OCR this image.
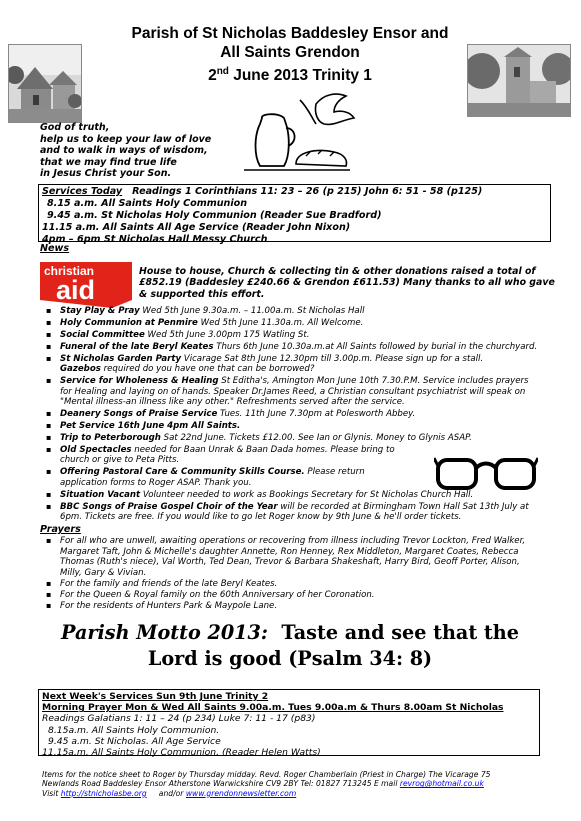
Parish of St Nicholas Baddesley Ensor and
All Saints Grendon
2nd June 2013 Trinity 1
God of truth,
help us to keep your law of love
and to walk in ways of wisdom,
that we may find true life
in Jesus Christ your Son.
Services Today Readings 1 Corinthians 11: 23 – 26 (p 215) John 6: 51 - 58 (p125)
8.15 a.m. All Saints Holy Communion
9.45 a.m. St Nicholas Holy Communion (Reader Sue Bradford)
11.15 a.m. All Saints All Age Service (Reader John Nixon)
4pm – 6pm St Nicholas Hall Messy Church
News
christian
aid
House to house, Church & collecting tin & other donations raised a total of £852.19 (Baddesley £240.66 & Grendon £611.53) Many thanks to all who gave & supported this effort.
▪ Stay Play & Pray Wed 5th June 9.30a.m. – 11.00a.m. St Nicholas Hall
▪ Holy Communion at Penmire Wed 5th June 11.30a.m. All Welcome.
▪ Social Committee Wed 5th June 3.00pm 175 Watling St.
▪ Funeral of the late Beryl Keates Thurs 6th June 10.30a.m.at All Saints followed by burial in the churchyard.
▪ St Nicholas Garden Party Vicarage Sat 8th June 12.30pm till 3.00p.m. Please sign up for a stall.
Gazebos required do you have one that can be borrowed?
▪ Service for Wholeness & Healing St Editha's, Amington Mon June 10th 7.30.P.M. Service includes prayers for Healing and laying on of hands. Speaker Dr.James Reed, a Christian consultant psychiatrist will speak on "Mental illness-an illness like any other." Refreshments served after the service.
▪ Deanery Songs of Praise Service Tues. 11th June 7.30pm at Polesworth Abbey.
▪ Pet Service 16th June 4pm All Saints.
▪ Trip to Peterborough Sat 22nd June. Tickets £12.00. See Ian or Glynis. Money to Glynis ASAP.
▪ Old Spectacles needed for Baan Unrak & Baan Dada homes. Please bring to church or give to Peta Pitts.
▪ Offering Pastoral Care & Community Skills Course. Please return application forms to Roger ASAP. Thank you.
▪ Situation Vacant Volunteer needed to work as Bookings Secretary for St Nicholas Church Hall.
▪ BBC Songs of Praise Gospel Choir of the Year will be recorded at Birmingham Town Hall Sat 13th July at 6pm. Tickets are free. If you would like to go let Roger know by 9th June & he'll order tickets.
Prayers
▪ For all who are unwell, awaiting operations or recovering from illness including Trevor Lockton, Fred Walker, Margaret Taft, John & Michelle's daughter Annette, Ron Henney, Rex Middleton, Margaret Coates, Rebecca Thomas (Ruth's niece), Val Worth, Ted Dean, Trevor & Barbara Shakeshaft, Harry Bird, Geoff Porter, Alison, Milly, Gary & Vivian.
▪ For the family and friends of the late Beryl Keates.
▪ For the Queen & Royal family on the 60th Anniversary of her Coronation.
▪ For the residents of Hunters Park & Maypole Lane.
Parish Motto 2013:  Taste and see that the
Lord is good (Psalm 34: 8)
Next Week's Services Sun 9th June Trinity 2
Morning Prayer Mon & Wed All Saints 9.00a.m. Tues 9.00a.m & Thurs 8.00am St Nicholas
Readings Galatians 1: 11 – 24 (p 234) Luke 7: 11 - 17 (p83)
8.15a.m. All Saints Holy Communion.
9.45 a.m. St Nicholas. All Age Service
11.15a.m. All Saints Holy Communion. (Reader Helen Watts)
Items for the notice sheet to Roger by Thursday midday. Revd. Roger Chamberlain (Priest in Charge) The Vicarage 75
Newlands Road Baddesley Ensor Atherstone Warwickshire CV9 2BY Tel: 01827 713245 E mail revrog@hotmail.co.uk
Visit http://stnicholasbe.org     and/or www.grendonnewsletter.com
